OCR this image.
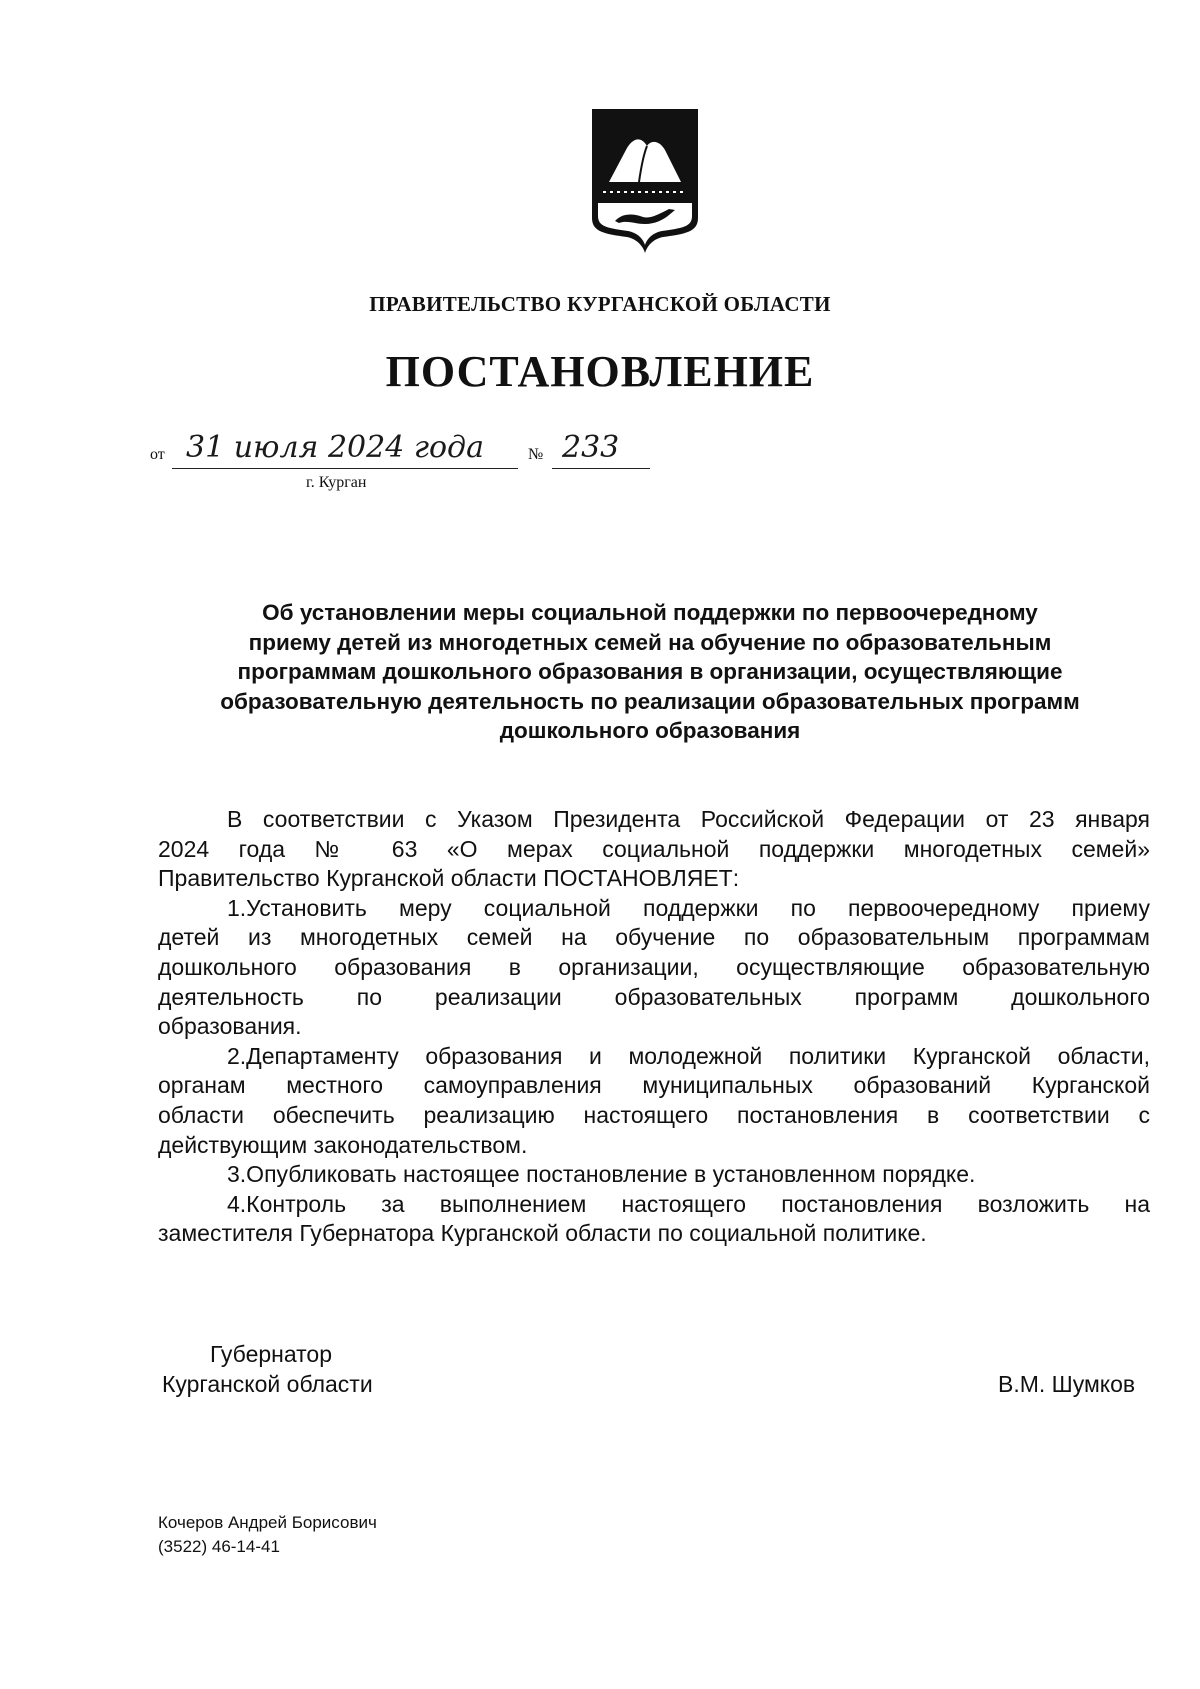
ПРАВИТЕЛЬСТВО КУРГАНСКОЙ ОБЛАСТИ
ПОСТАНОВЛЕНИЕ
от 31 июля 2024 года	№ 233
г. Курган
Об установлении меры социальной поддержки по первоочередному
приему детей из многодетных семей на обучение по образовательным
программам дошкольного образования в организации, осуществляющие
образовательную деятельность по реализации образовательных программ
дошкольного образования
В соответствии с Указом Президента Российской Федерации от 23 января
2024 года № 63 «О мерах социальной поддержки многодетных семей»
Правительство Курганской области ПОСТАНОВЛЯЕТ:
1.Установить меру социальной поддержки по первоочередному приему
детей из многодетных семей на обучение по образовательным программам
дошкольного образования в организации, осуществляющие образовательную
деятельность по реализации образовательных программ дошкольного
образования.
2.Департаменту образования и молодежной политики Курганской области,
органам местного самоуправления муниципальных образований Курганской
области обеспечить реализацию настоящего постановления в соответствии с
действующим законодательством.
3.Опубликовать настоящее постановление в установленном порядке.
4.Контроль за выполнением настоящего постановления возложить на
заместителя Губернатора Курганской области по социальной политике.
Губернатор
Курганской области	В.М. Шумков
Кочеров Андрей Борисович
(3522) 46-14-41
